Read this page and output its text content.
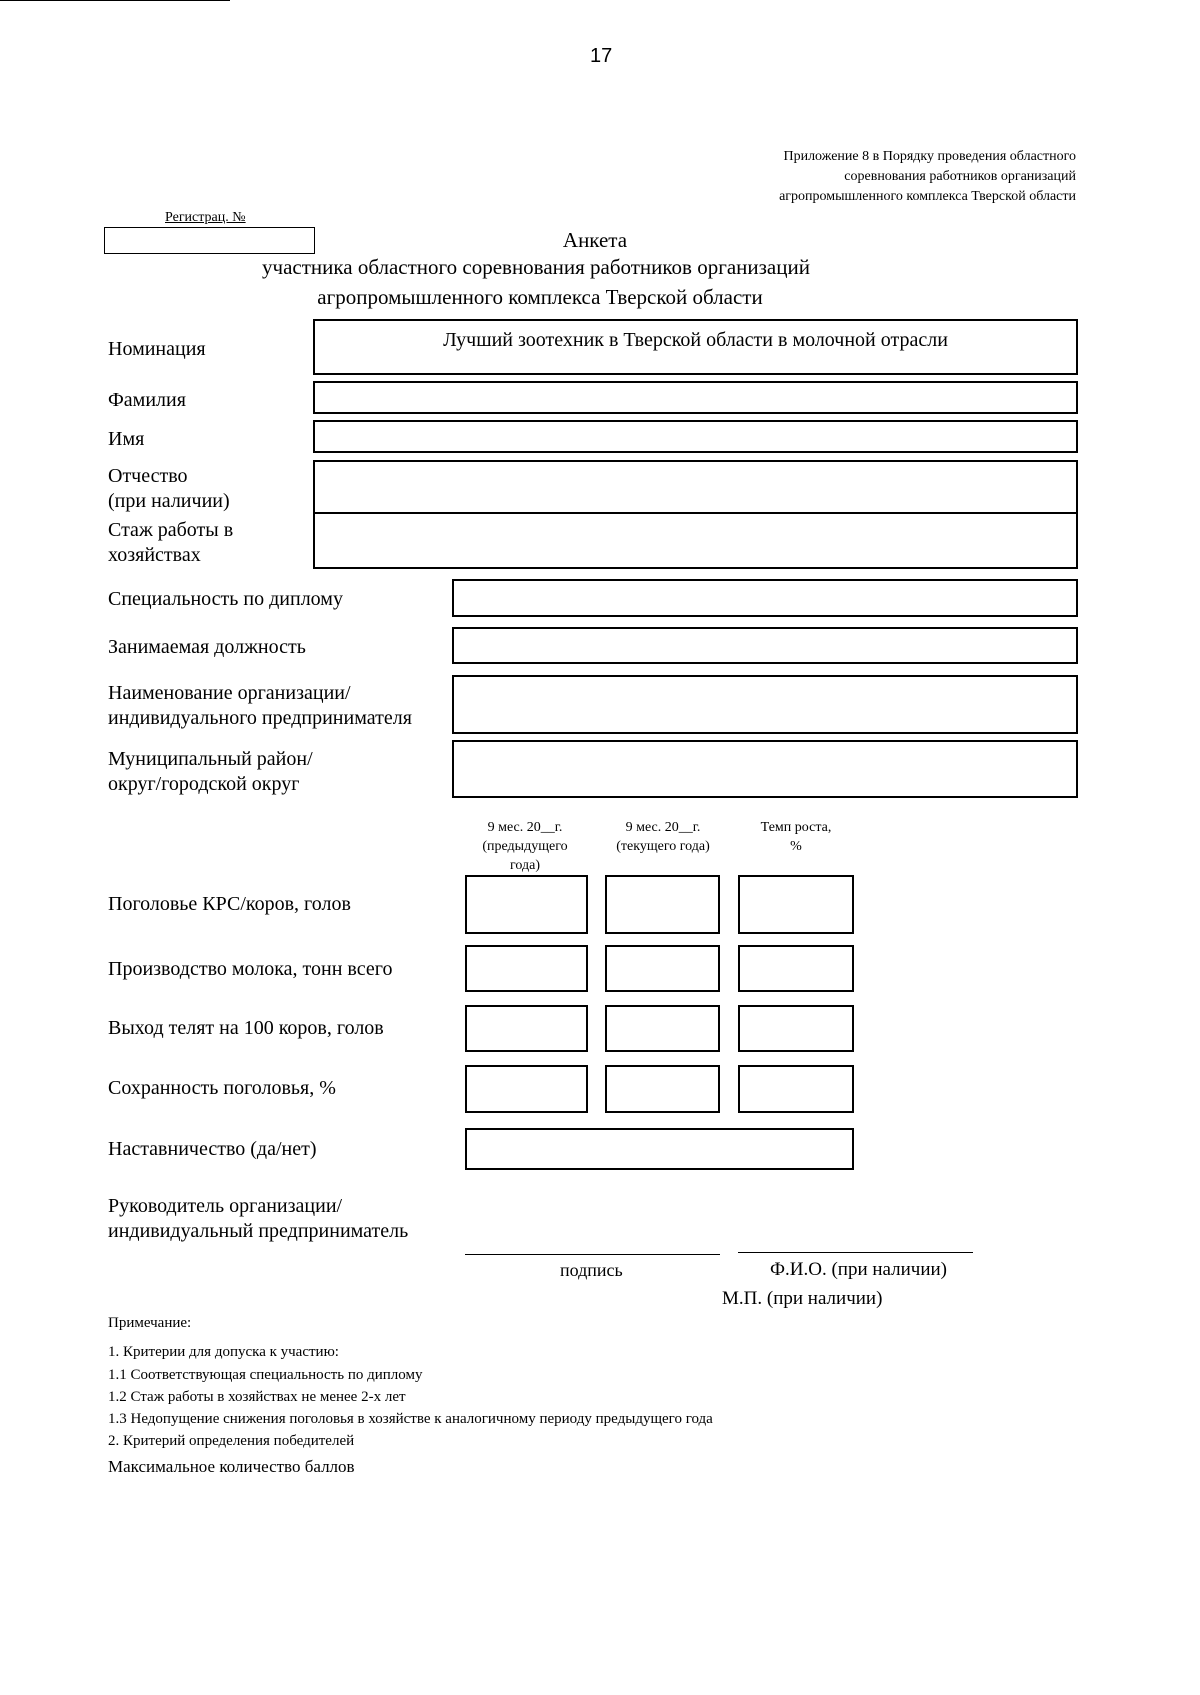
17
Приложение 8 в Порядку проведения областного
соревнования работников организаций
агропромышленного комплекса Тверской области
Регистрац. №
Анкета
участника областного соревнования работников организаций
агропромышленного комплекса Тверской области
Номинация	Лучший зоотехник в Тверской области в молочной отрасли
Фамилия
Имя
Отчество
(при наличии)
Стаж работы в
хозяйствах
Специальность по диплому
Занимаемая должность
Наименование организации/
индивидуального предпринимателя
Муниципальный район/
округ/городской округ
9 мес. 20__г.
(предыдущего
года)
9 мес. 20__г.
(текущего года)
Темп роста,
%
Поголовье КРС/коров, голов
Производство молока, тонн всего
Выход телят на 100 коров, голов
Сохранность поголовья, %
Наставничество (да/нет)
Руководитель организации/
индивидуальный предприниматель
подпись	Ф.И.О. (при наличии)
М.П. (при наличии)
Примечание:
1. Критерии для допуска к участию:
1.1 Соответствующая специальность по диплому
1.2 Стаж работы в хозяйствах не менее 2-х лет
1.3 Недопущение снижения поголовья в хозяйстве к аналогичному периоду предыдущего года
2. Критерий определения победителей
Максимальное количество баллов
